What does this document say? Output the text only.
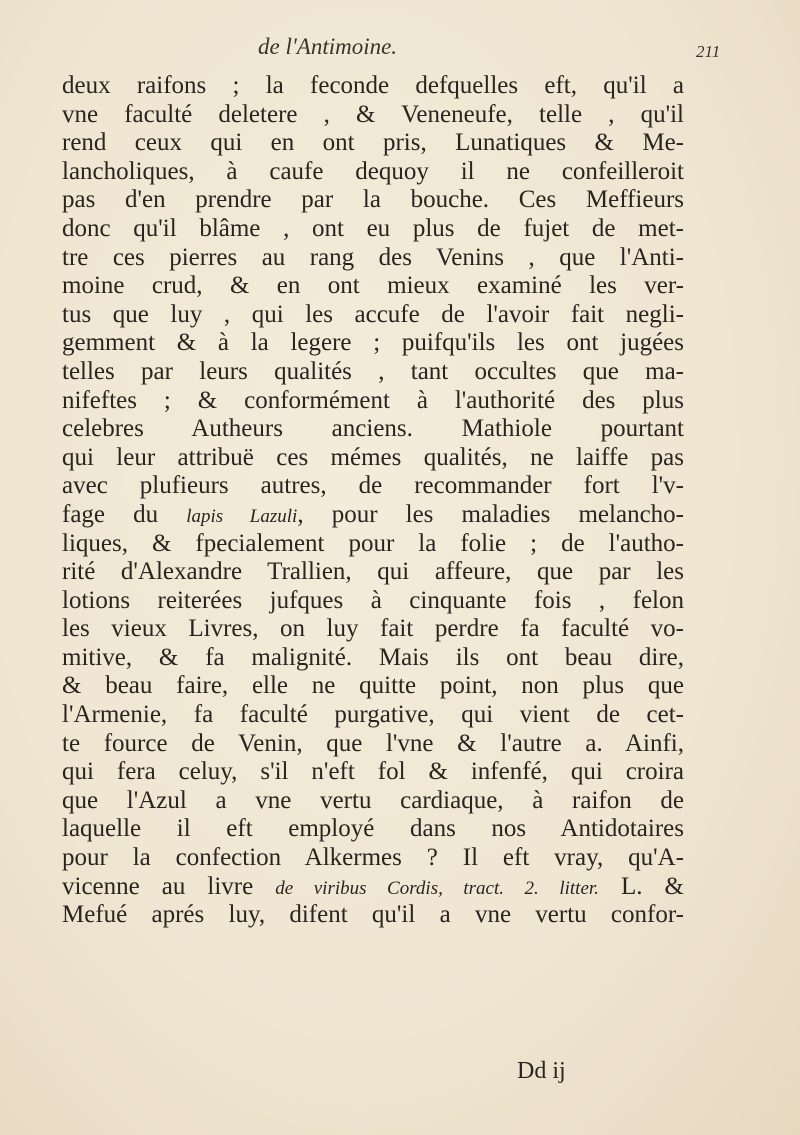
de l'Antimoine.	211
deux raifons ; la feconde defquelles eft, qu'il a
vne faculté deletere , & Veneneufe, telle , qu'il
rend ceux qui en ont pris, Lunatiques & Me-
lancholiques, à caufe dequoy il ne confeilleroit
pas d'en prendre par la bouche. Ces Meffieurs
donc qu'il blâme , ont eu plus de fujet de met-
tre ces pierres au rang des Venins , que l'Anti-
moine crud, & en ont mieux examiné les ver-
tus que luy , qui les accufe de l'avoir fait negli-
gemment & à la legere ; puifqu'ils les ont jugées
telles par leurs qualités , tant occultes que ma-
nifeftes ; & conformément à l'authorité des plus
celebres Autheurs anciens. Mathiole pourtant
qui leur attribuë ces mémes qualités, ne laiffe pas
avec plufieurs autres, de recommander fort l'v-
fage du lapis Lazuli, pour les maladies melancho-
liques, & fpecialement pour la folie ; de l'autho-
rité d'Alexandre Trallien, qui affeure, que par les
lotions reiterées jufques à cinquante fois , felon
les vieux Livres, on luy fait perdre fa faculté vo-
mitive, & fa malignité. Mais ils ont beau dire,
& beau faire, elle ne quitte point, non plus que
l'Armenie, fa faculté purgative, qui vient de cet-
te fource de Venin, que l'vne & l'autre a. Ainfi,
qui fera celuy, s'il n'eft fol & infenfé, qui croira
que l'Azul a vne vertu cardiaque, à raifon de
laquelle il eft employé dans nos Antidotaires
pour la confection Alkermes ? Il eft vray, qu'A-
vicenne au livre de viribus Cordis, tract. 2. litter. L. &
Mefué aprés luy, difent qu'il a vne vertu confor-
Dd ij
